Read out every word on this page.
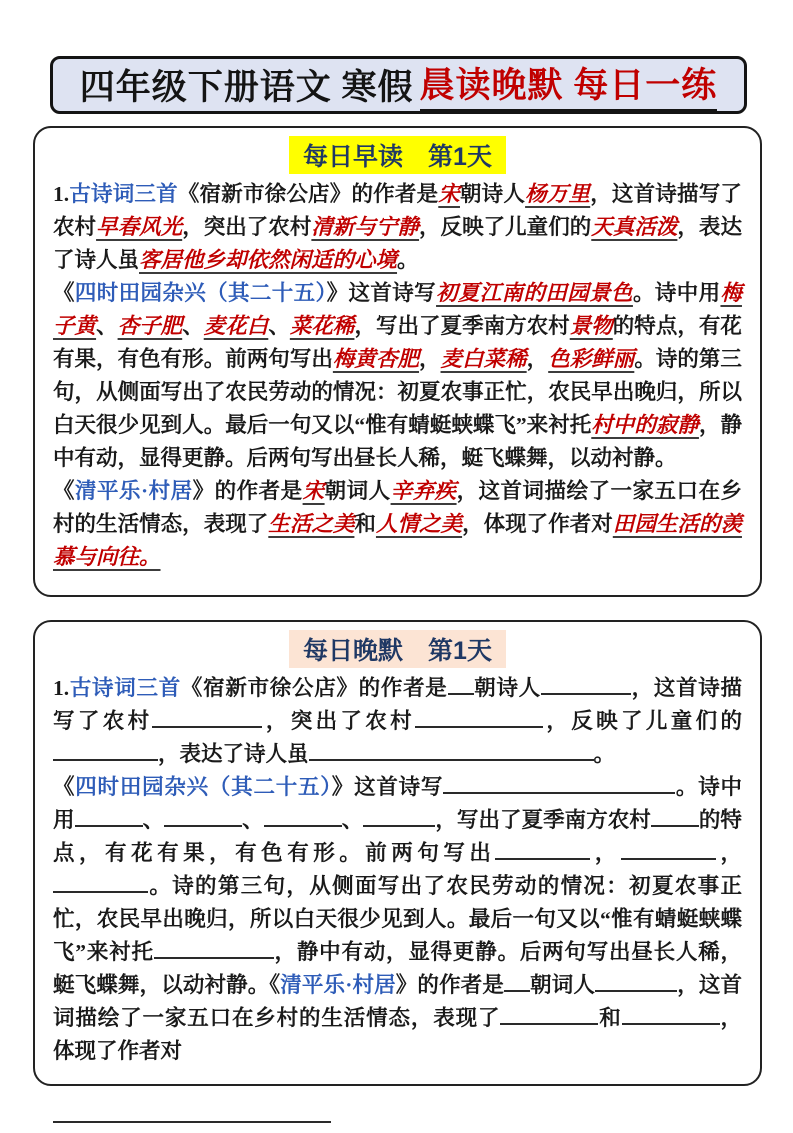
四年级下册语文 寒假 晨读晚默 每日一练
每日早读　第1天

1.古诗词三首《宿新市徐公店》的作者是宋朝诗人杨万里，这首诗描写了农村早春风光，突出了农村清新与宁静，反映了儿童们的天真活泼，表达了诗人虽客居他乡却依然闲适的心境。

《四时田园杂兴（其二十五）》这首诗写初夏江南的田园景色。诗中用梅子黄、杏子肥、麦花白、菜花稀，写出了夏季南方农村景物的特点，有花有果，有色有形。前两句写出梅黄杏肥，麦白菜稀，色彩鲜丽。诗的第三句，从侧面写出了农民劳动的情况：初夏农事正忙，农民早出晚归，所以白天很少见到人。最后一句又以“惟有蜻蜓蛱蝶飞”来衬托村中的寂静，静中有动，显得更静。后两句写出昼长人稀，蜓飞蝶舞，以动衬静。

《清平乐·村居》的作者是宋朝词人辛弃疾，这首词描绘了一家五口在乡村的生活情态，表现了生活之美和人情之美，体现了作者对田园生活的羡慕与向往。

每日晚默　第1天

1.古诗词三首《宿新市徐公店》的作者是 朝诗人	，这首诗描写了农村	，突出了农村	，反映了儿童们的，表达了诗人虽	。

《四时田园杂兴（其二十五）》这首诗写	。诗中用	、	、	、	，写出了夏季南方农村 的特点，有花有果，有色有形。前两句写出	，	，。诗的第三句，从侧面写出了农民劳动的情况：初夏农事正忙，农民早出晚归，所以白天很少见到人。最后一句又以“惟有蜻蜓蛱蝶飞”来衬托	，静中有动，显得更静。后两句写出昼长人稀，蜓飞蝶舞，以动衬静。《清平乐·村居》的作者是 朝词人	，这首词描绘了一家五口在乡村的生活情态，表现了	和	，体现了作者对
